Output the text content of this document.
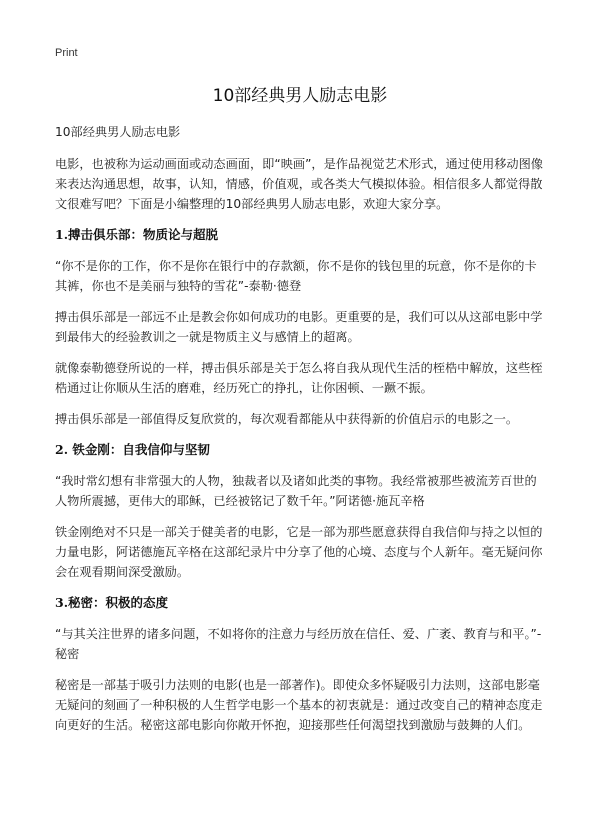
Print
10部经典男人励志电影

10部经典男人励志电影

电影，也被称为运动画面或动态画面，即“映画”，是作品视觉艺术形式，通过使用移动图像来表达沟通思想，故事，认知，情感，价值观，或各类大气模拟体验。相信很多人都觉得散文很难写吧？下面是小编整理的10部经典男人励志电影，欢迎大家分享。

1.搏击俱乐部：物质论与超脱

“你不是你的工作，你不是你在银行中的存款额，你不是你的钱包里的玩意，你不是你的卡其裤，你也不是美丽与独特的雪花”-泰勒·德登

搏击俱乐部是一部远不止是教会你如何成功的电影。更重要的是，我们可以从这部电影中学到最伟大的经验教训之一就是物质主义与感情上的超离。

就像泰勒德登所说的一样，搏击俱乐部是关于怎么将自我从现代生活的桎梏中解放，这些桎梏通过让你顺从生活的磨难，经历死亡的挣扎，让你困顿、一蹶不振。

搏击俱乐部是一部值得反复欣赏的，每次观看都能从中获得新的价值启示的电影之一。

2. 铁金刚：自我信仰与坚韧

“我时常幻想有非常强大的人物，独裁者以及诸如此类的事物。我经常被那些被流芳百世的人物所震撼，更伟大的耶稣，已经被铭记了数千年。”阿诺德·施瓦辛格

铁金刚绝对不只是一部关于健美者的电影，它是一部为那些愿意获得自我信仰与持之以恒的力量电影，阿诺德施瓦辛格在这部纪录片中分享了他的心境、态度与个人新年。毫无疑问你会在观看期间深受激励。

3.秘密：积极的态度

“与其关注世界的诸多问题，不如将你的注意力与经历放在信任、爱、广袤、教育与和平。”-秘密

秘密是一部基于吸引力法则的电影(也是一部著作)。即使众多怀疑吸引力法则，这部电影毫无疑问的刻画了一种积极的人生哲学电影一个基本的初衷就是：通过改变自己的精神态度走向更好的生活。秘密这部电影向你敞开怀抱，迎接那些任何渴望找到激励与鼓舞的人们。
